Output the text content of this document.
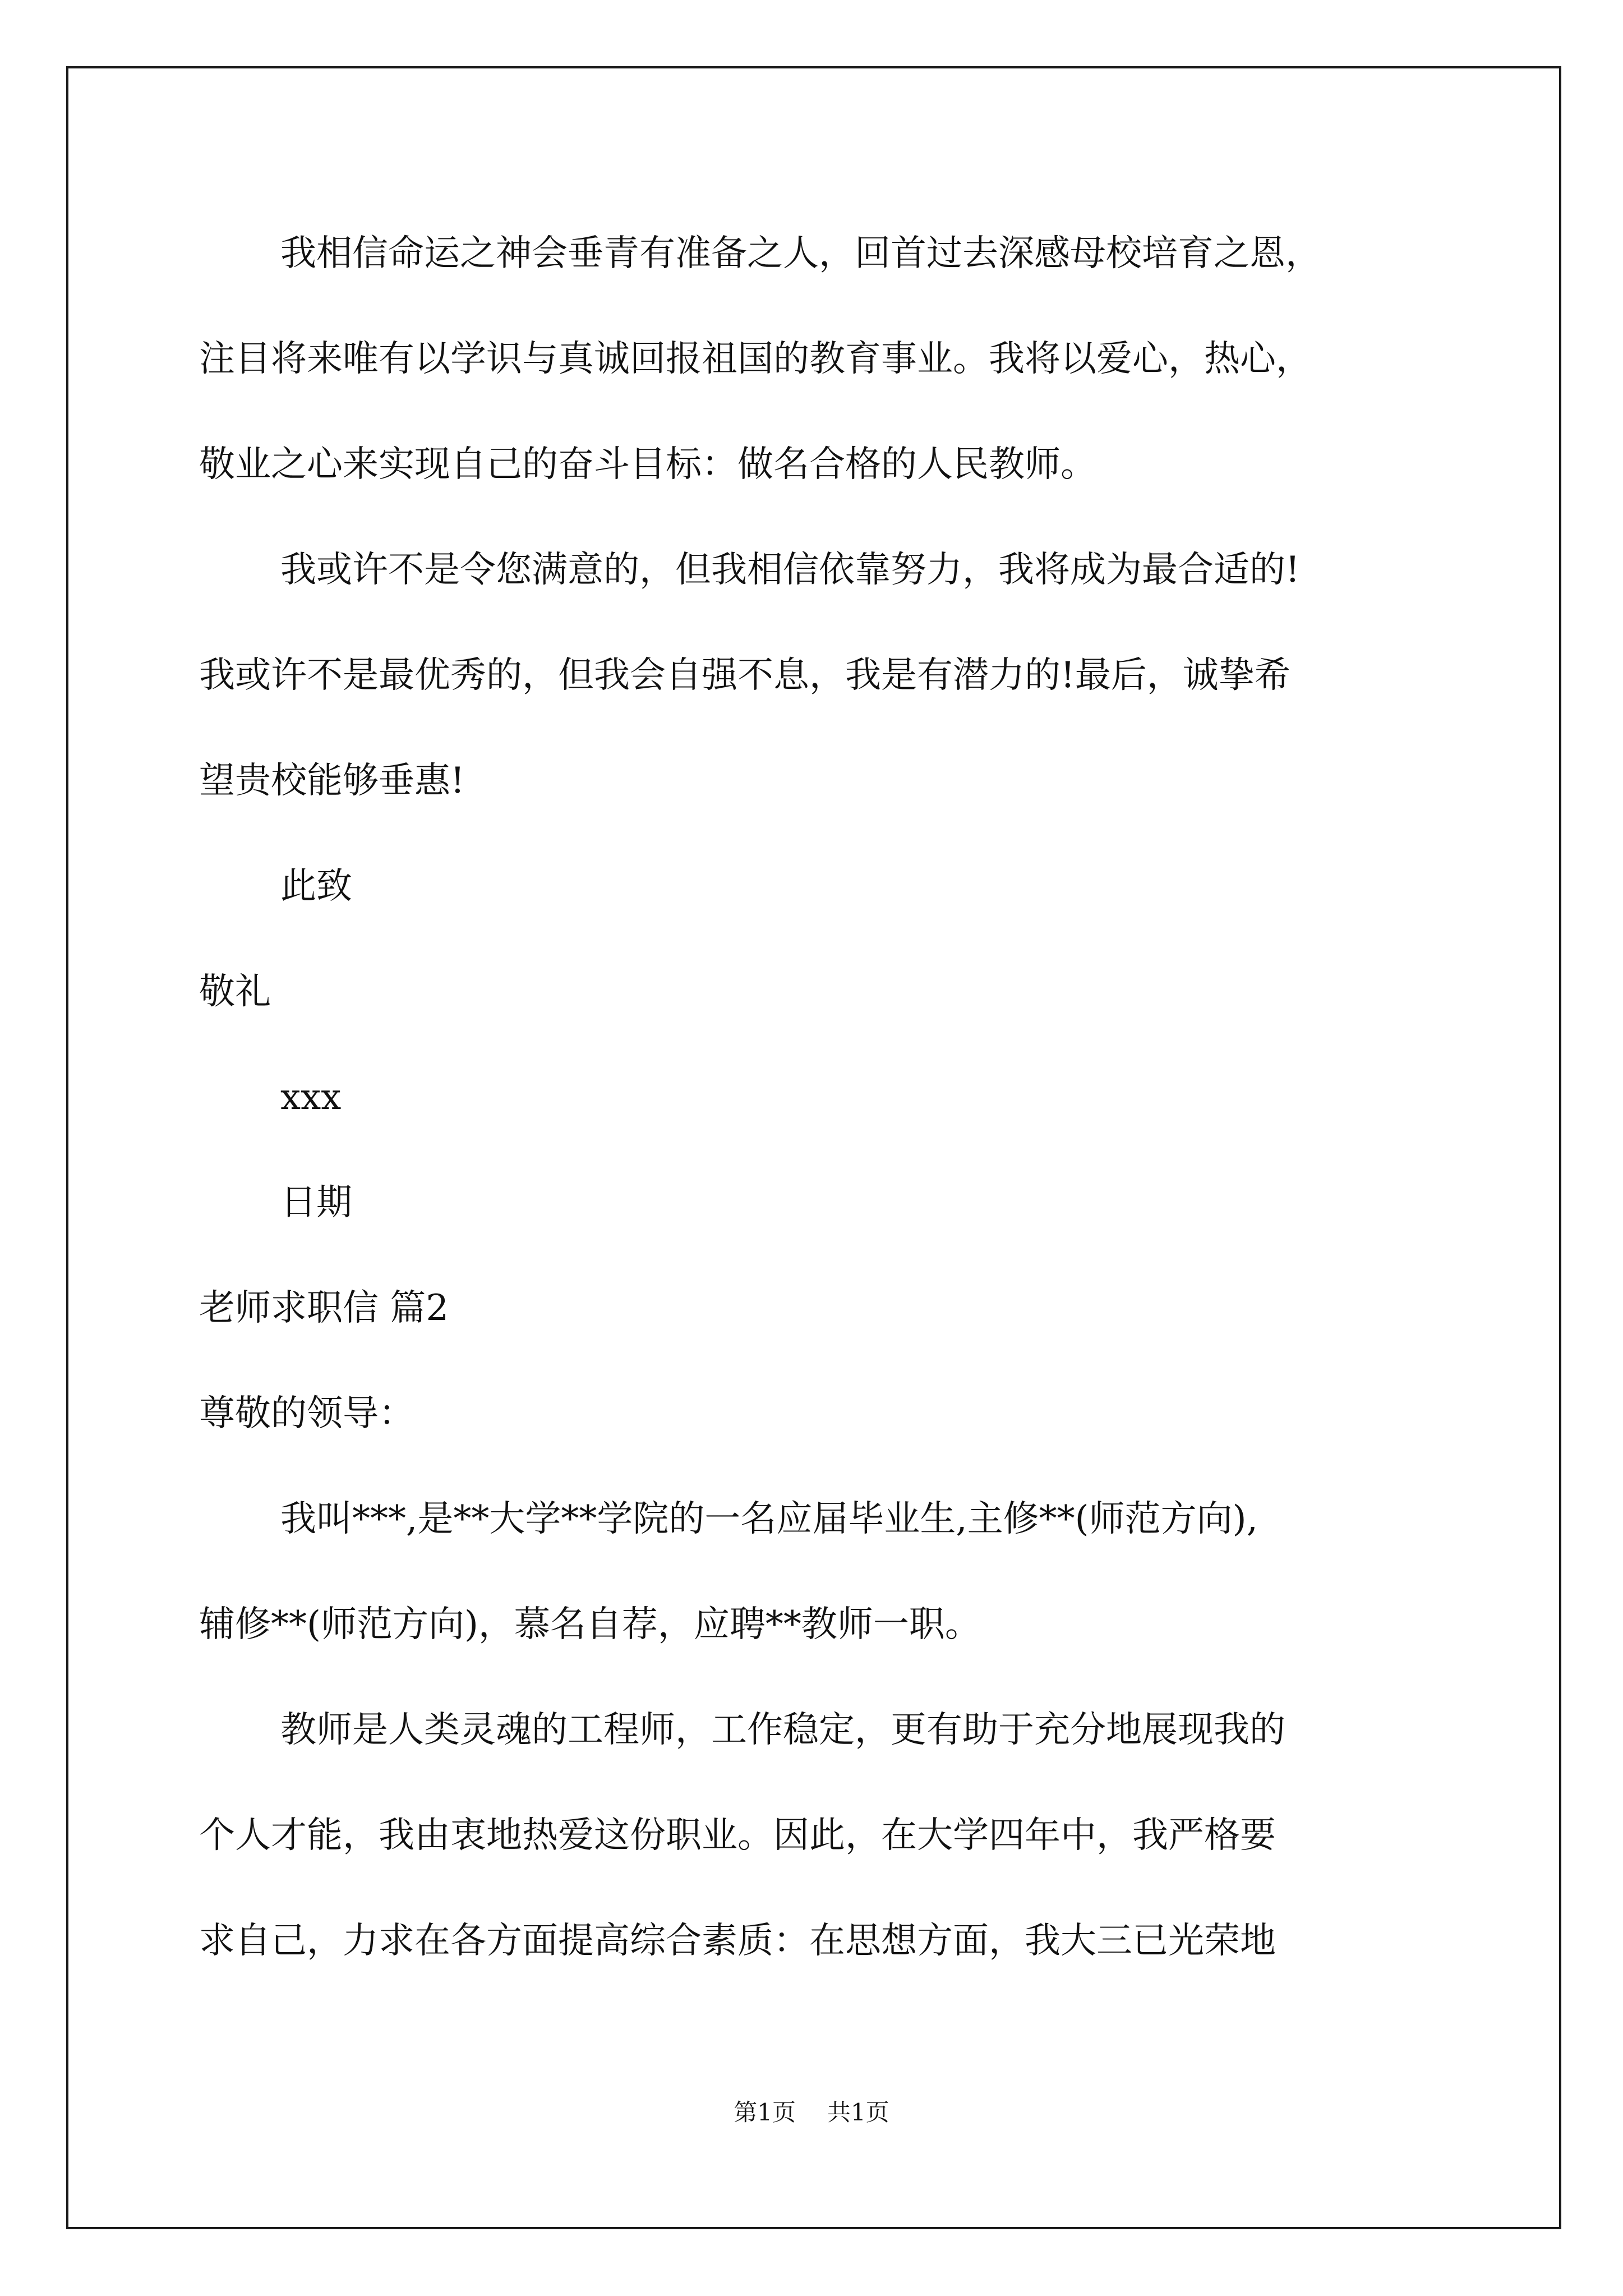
我相信命运之神会垂青有准备之人，回首过去深感母校培育之恩，

注目将来唯有以学识与真诚回报祖国的教育事业。我将以爱心，热心，

敬业之心来实现自己的奋斗目标：做名合格的人民教师。

我或许不是令您满意的，但我相信依靠努力，我将成为最合适的!

我或许不是最优秀的，但我会自强不息，我是有潜力的!最后，诚挚希

望贵校能够垂惠!

此致

敬礼

xxx

日期

老师求职信 篇2

尊敬的领导：

我叫***,是**大学**学院的一名应届毕业生,主修**(师范方向),

辅修**(师范方向)，慕名自荐，应聘**教师一职。

教师是人类灵魂的工程师，工作稳定，更有助于充分地展现我的

个人才能，我由衷地热爱这份职业。因此，在大学四年中，我严格要

求自己，力求在各方面提高综合素质：在思想方面，我大三已光荣地

第1页 共1页
